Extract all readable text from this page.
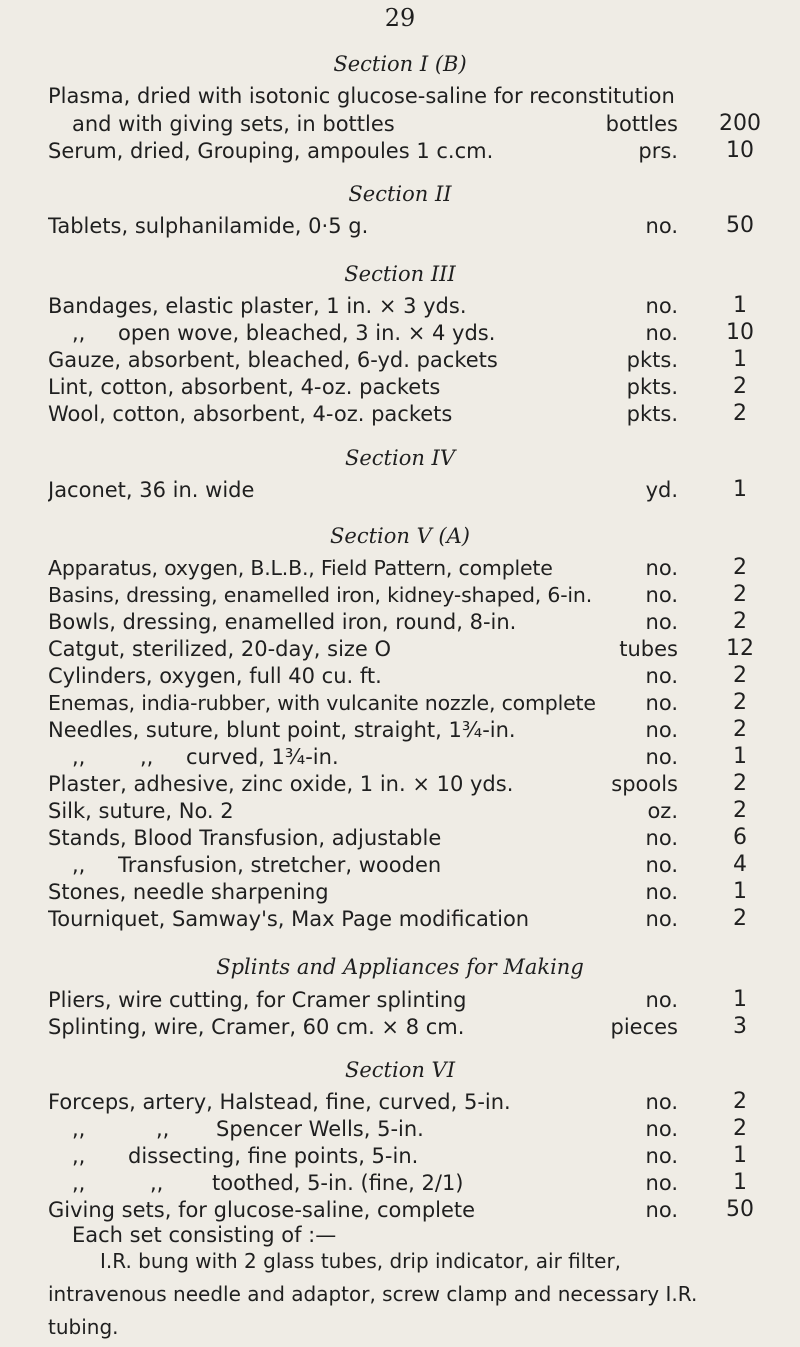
29
Section I (B)
Plasma, dried with isotonic glucose-saline for reconstitution
and with giving sets, in bottles	bottles	200
Serum, dried, Grouping, ampoules 1 c.cm.	prs.	10
Section II
Tablets, sulphanilamide, 0·5 g.	no.	50
Section III
Bandages, elastic plaster, 1 in. × 3 yds.	no.	1
,,	open wove, bleached, 3 in. × 4 yds.	no.	10
Gauze, absorbent, bleached, 6-yd. packets	pkts.	1
Lint, cotton, absorbent, 4-oz. packets	pkts.	2
Wool, cotton, absorbent, 4-oz. packets	pkts.	2
Section IV
Jaconet, 36 in. wide	yd.	1
Section V (A)
Apparatus, oxygen, B.L.B., Field Pattern, complete	no.	2
Basins, dressing, enamelled iron, kidney-shaped, 6-in.	no.	2
Bowls, dressing, enamelled iron, round, 8-in.	no.	2
Catgut, sterilized, 20-day, size O	tubes	12
Cylinders, oxygen, full 40 cu. ft.	no.	2
Enemas, india-rubber, with vulcanite nozzle, complete	no.	2
Needles, suture, blunt point, straight, 1¾-in.	no.	2
,,	,,	curved, 1¾-in.	no.	1
Plaster, adhesive, zinc oxide, 1 in. × 10 yds.	spools	2
Silk, suture, No. 2	oz.	2
Stands, Blood Transfusion, adjustable	no.	6
,,	Transfusion, stretcher, wooden	no.	4
Stones, needle sharpening	no.	1
Tourniquet, Samway's, Max Page modification	no.	2
Splints and Appliances for Making
Pliers, wire cutting, for Cramer splinting	no.	1
Splinting, wire, Cramer, 60 cm. × 8 cm.	pieces	3
Section VI
Forceps, artery, Halstead, fine, curved, 5-in.	no.	2
,,	,,	Spencer Wells, 5-in.	no.	2
,,	dissecting, fine points, 5-in.	no.	1
,,	,,	toothed, 5-in. (fine, 2/1)	no.	1
Giving sets, for glucose-saline, complete	no.	50
Each set consisting of :—
I.R. bung with 2 glass tubes, drip indicator, air filter, intravenous needle and adaptor, screw clamp and necessary I.R. tubing.
